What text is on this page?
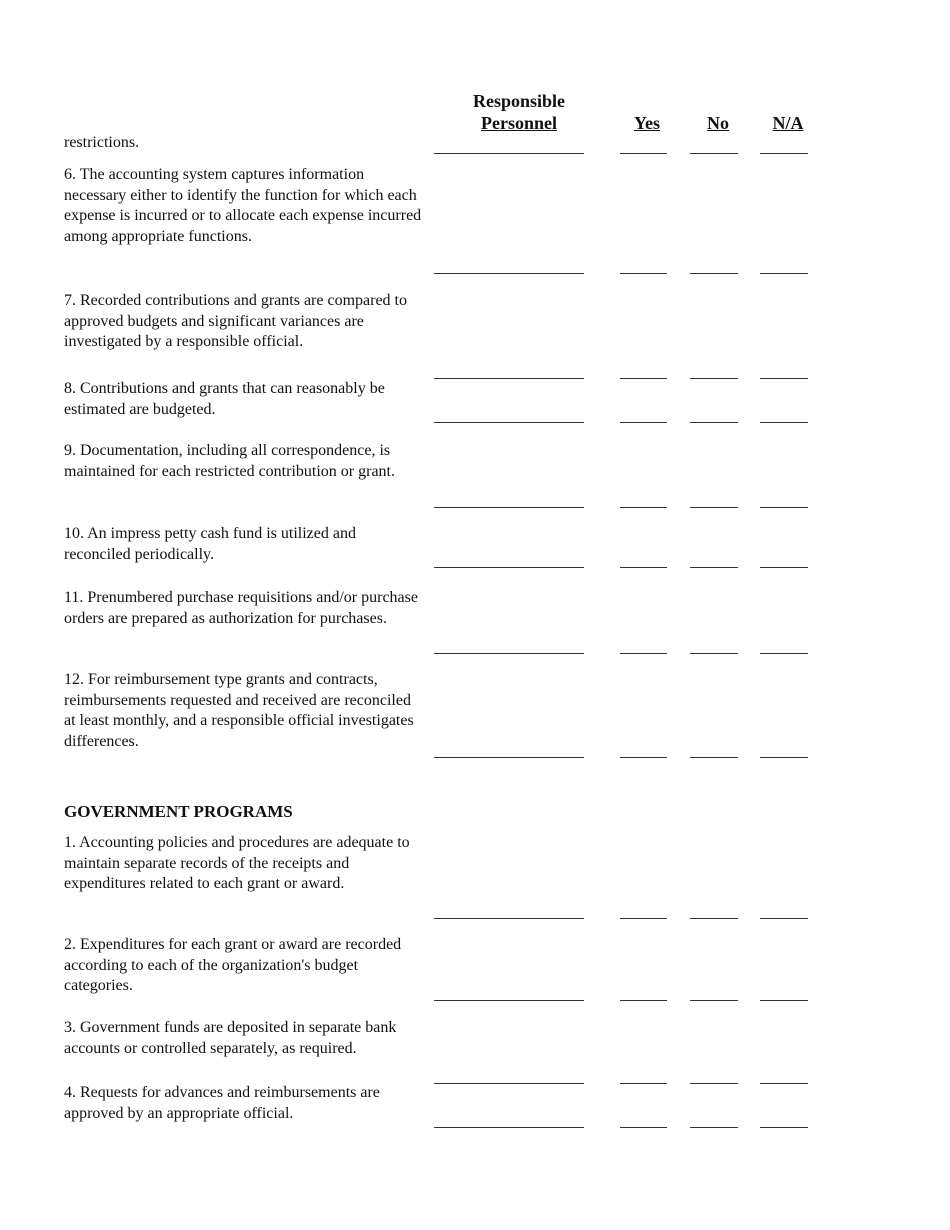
Responsible
Personnel	Yes	No	N/A
restrictions.
6. The accounting system captures information necessary either to identify the function for which each expense is incurred or to allocate each expense incurred among appropriate functions.
7. Recorded contributions and grants are compared to approved budgets and significant variances are investigated by a responsible official.
8. Contributions and grants that can reasonably be estimated are budgeted.
9. Documentation, including all correspondence, is maintained for each restricted contribution or grant.
10. An impress petty cash fund is utilized and reconciled periodically.
11. Prenumbered purchase requisitions and/or purchase orders are prepared as authorization for purchases.
12. For reimbursement type grants and contracts, reimbursements requested and received are reconciled at least monthly, and a responsible official investigates differences.
GOVERNMENT PROGRAMS
1. Accounting policies and procedures are adequate to maintain separate records of the receipts and expenditures related to each grant or award.
2. Expenditures for each grant or award are recorded according to each of the organization's budget categories.
3. Government funds are deposited in separate bank accounts or controlled separately, as required.
4. Requests for advances and reimbursements are approved by an appropriate official.
